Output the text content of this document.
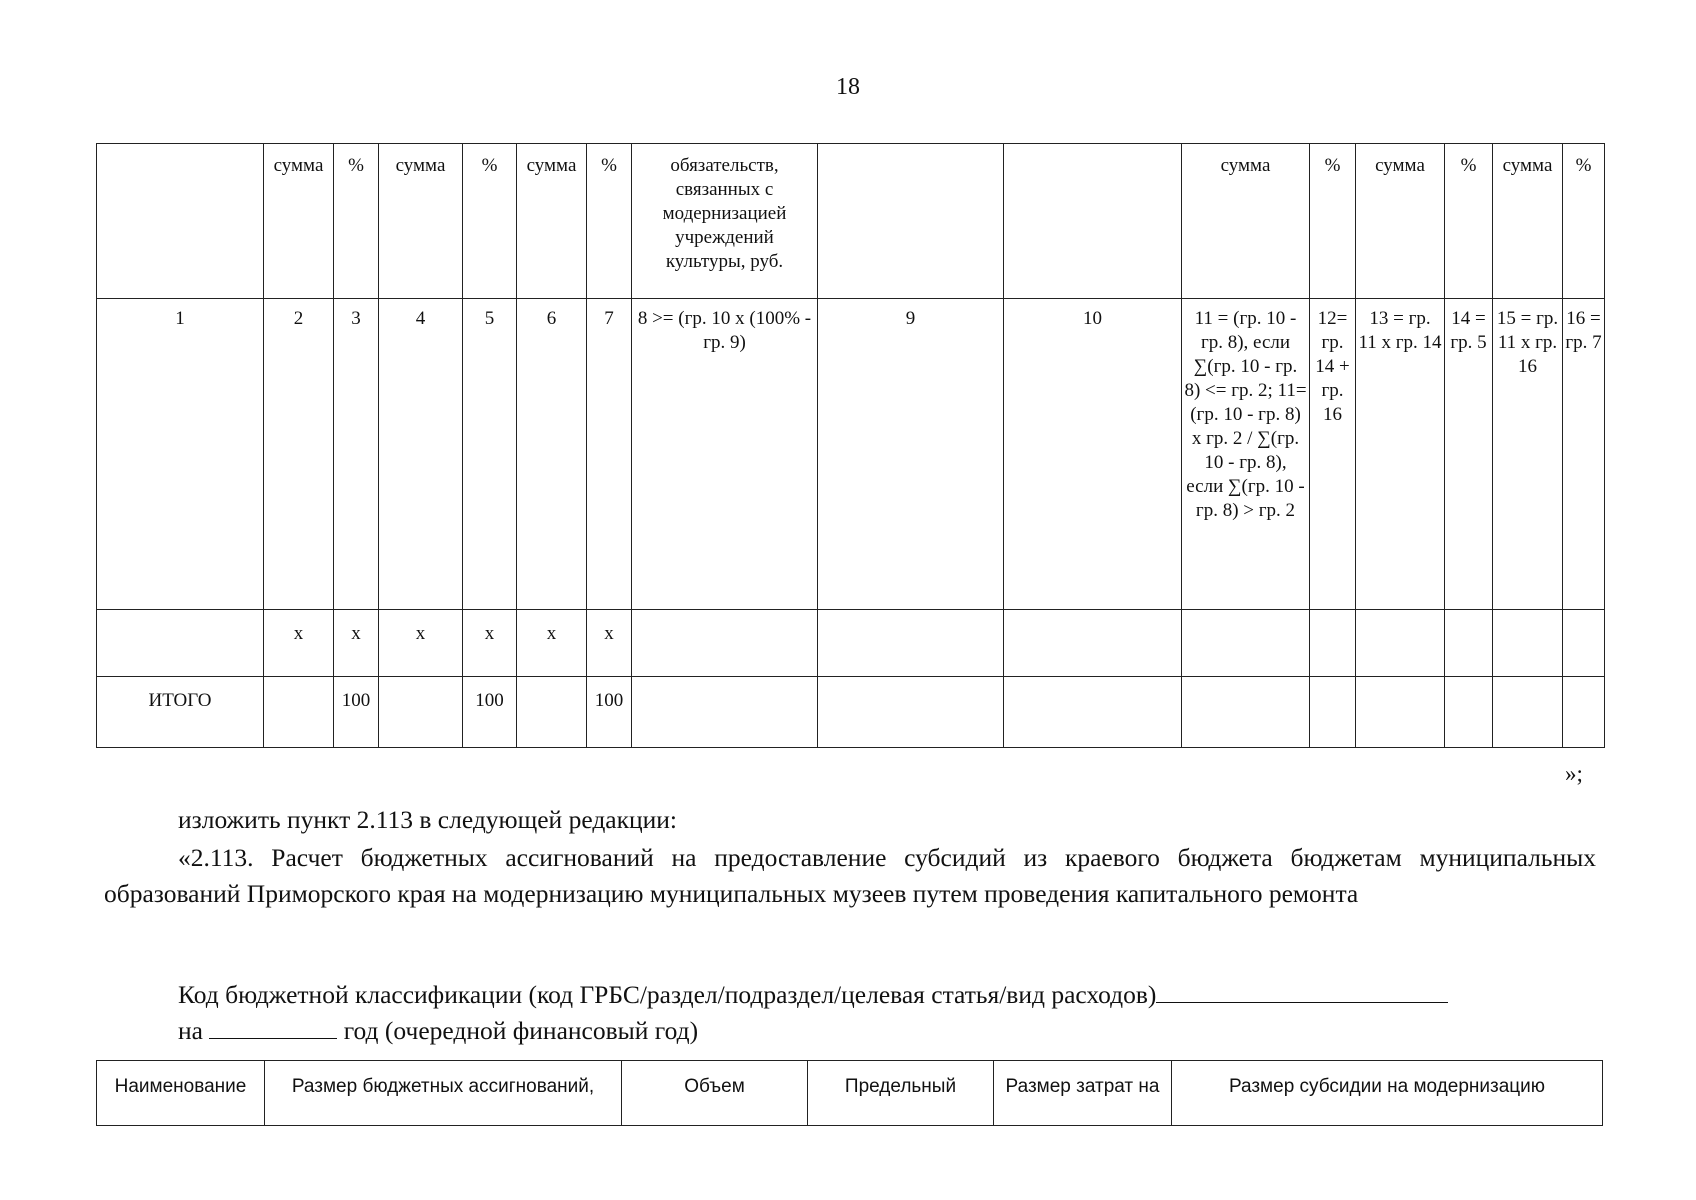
18
	сумма	%	сумма	%	сумма	%	обязательств, связанных с модернизацией учреждений культуры, руб.			сумма	%	сумма	%	сумма	%
1	2	3	4	5	6	7	8 >= (гр. 10 х (100% - гр. 9)	9	10	11 = (гр. 10 - гр. 8), если ∑(гр. 10 - гр. 8) <= гр. 2; 11= (гр. 10 - гр. 8) х гр. 2 / ∑(гр. 10 - гр. 8), если ∑(гр. 10 - гр. 8) > гр. 2	12= гр. 14 + гр. 16	13 = гр. 11 х гр. 14	14 = гр. 5	15 = гр. 11 х гр. 16	16 = гр. 7
	х	х	х	х	х	х									
ИТОГО		100		100		100									
»;
изложить пункт 2.113 в следующей редакции:
«2.113. Расчет бюджетных ассигнований на предоставление субсидий из краевого бюджета бюджетам муниципальных образований Приморского края на модернизацию муниципальных музеев путем проведения капитального ремонта
Код бюджетной классификации (код ГРБС/раздел/подраздел/целевая статья/вид расходов)
на	год (очередной финансовый год)
Наименование	Размер бюджетных ассигнований,	Объем	Предельный	Размер затрат на	Размер субсидии на модернизацию
